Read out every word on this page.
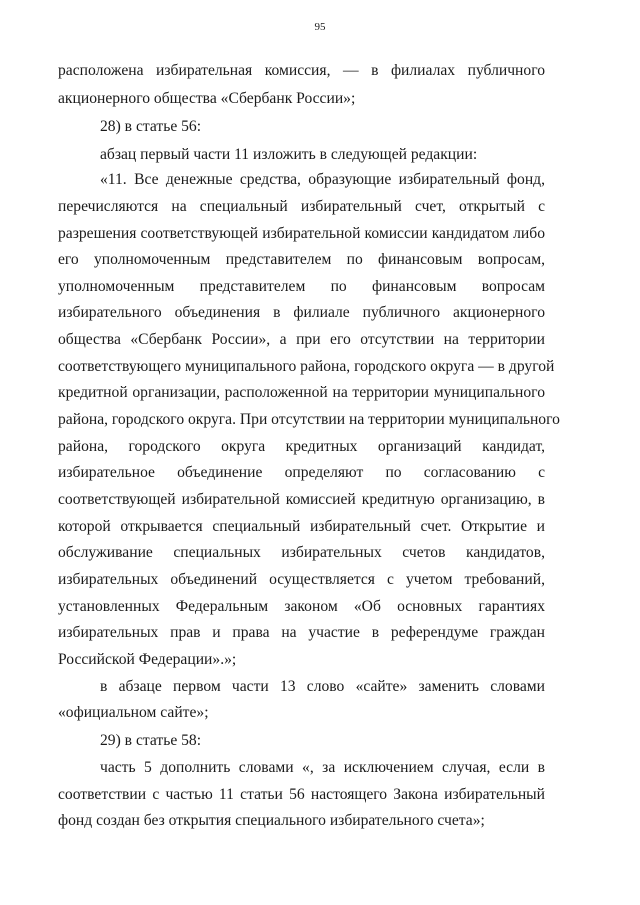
95
расположена избирательная комиссия, — в филиалах публичного
акционерного общества «Сбербанк России»;
28) в статье 56:
абзац первый части 11 изложить в следующей редакции:
«11. Все денежные средства, образующие избирательный фонд,
перечисляются на специальный избирательный счет, открытый с
разрешения соответствующей избирательной комиссии кандидатом либо
его уполномоченным представителем по финансовым вопросам,
уполномоченным представителем по финансовым вопросам
избирательного объединения в филиале публичного акционерного
общества «Сбербанк России», а при его отсутствии на территории
соответствующего муниципального района, городского округа — в другой
кредитной организации, расположенной на территории муниципального
района, городского округа. При отсутствии на территории муниципального
района, городского округа кредитных организаций кандидат,
избирательное объединение определяют по согласованию с
соответствующей избирательной комиссией кредитную организацию, в
которой открывается специальный избирательный счет. Открытие и
обслуживание специальных избирательных счетов кандидатов,
избирательных объединений осуществляется с учетом требований,
установленных Федеральным законом «Об основных гарантиях
избирательных прав и права на участие в референдуме граждан
Российской Федерации».»;
в абзаце первом части 13 слово «сайте» заменить словами
«официальном сайте»;
29) в статье 58:
часть 5 дополнить словами «, за исключением случая, если в
соответствии с частью 11 статьи 56 настоящего Закона избирательный
фонд создан без открытия специального избирательного счета»;
